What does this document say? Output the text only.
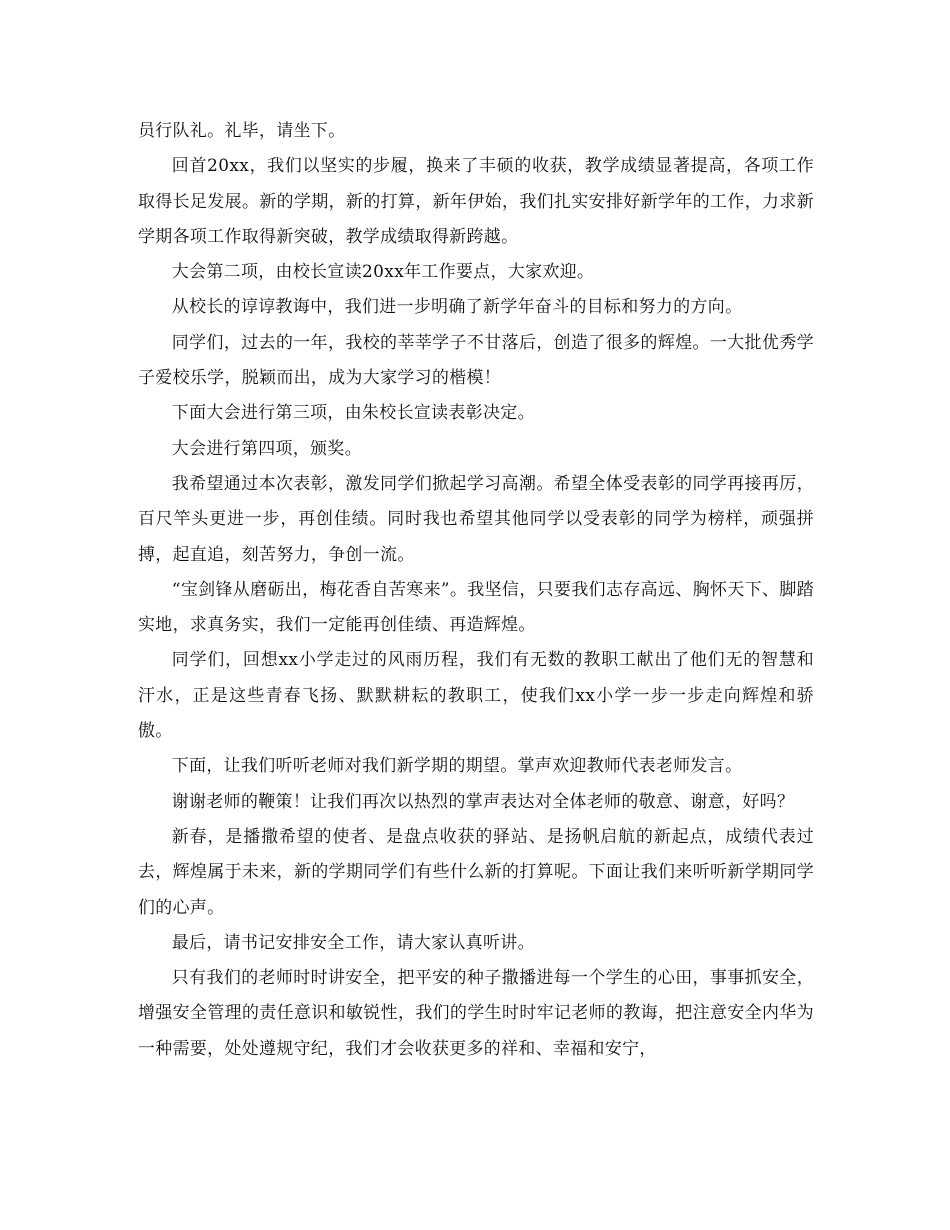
员行队礼。礼毕，请坐下。

回首20xx，我们以坚实的步履，换来了丰硕的收获，教学成绩显著提高，各项工作取得长足发展。新的学期，新的打算，新年伊始，我们扎实安排好新学年的工作，力求新学期各项工作取得新突破，教学成绩取得新跨越。

大会第二项，由校长宣读20xx年工作要点，大家欢迎。

从校长的谆谆教诲中，我们进一步明确了新学年奋斗的目标和努力的方向。

同学们，过去的一年，我校的莘莘学子不甘落后，创造了很多的辉煌。一大批优秀学子爱校乐学，脱颖而出，成为大家学习的楷模！

下面大会进行第三项，由朱校长宣读表彰决定。

大会进行第四项，颁奖。

我希望通过本次表彰，激发同学们掀起学习高潮。希望全体受表彰的同学再接再厉，百尺竿头更进一步，再创佳绩。同时我也希望其他同学以受表彰的同学为榜样，顽强拼搏，起直追，刻苦努力，争创一流。

“宝剑锋从磨砺出，梅花香自苦寒来”。我坚信，只要我们志存高远、胸怀天下、脚踏实地，求真务实，我们一定能再创佳绩、再造辉煌。

同学们，回想xx小学走过的风雨历程，我们有无数的教职工献出了他们无的智慧和汗水，正是这些青春飞扬、默默耕耘的教职工，使我们xx小学一步一步走向辉煌和骄傲。

下面，让我们听听老师对我们新学期的期望。掌声欢迎教师代表老师发言。

谢谢老师的鞭策！让我们再次以热烈的掌声表达对全体老师的敬意、谢意，好吗？

新春，是播撒希望的使者、是盘点收获的驿站、是扬帆启航的新起点，成绩代表过去，辉煌属于未来，新的学期同学们有些什么新的打算呢。下面让我们来听听新学期同学们的心声。

最后，请书记安排安全工作，请大家认真听讲。

只有我们的老师时时讲安全，把平安的种子撒播进每一个学生的心田，事事抓安全，增强安全管理的责任意识和敏锐性，我们的学生时时牢记老师的教诲，把注意安全内华为一种需要，处处遵规守纪，我们才会收获更多的祥和、幸福和安宁，
